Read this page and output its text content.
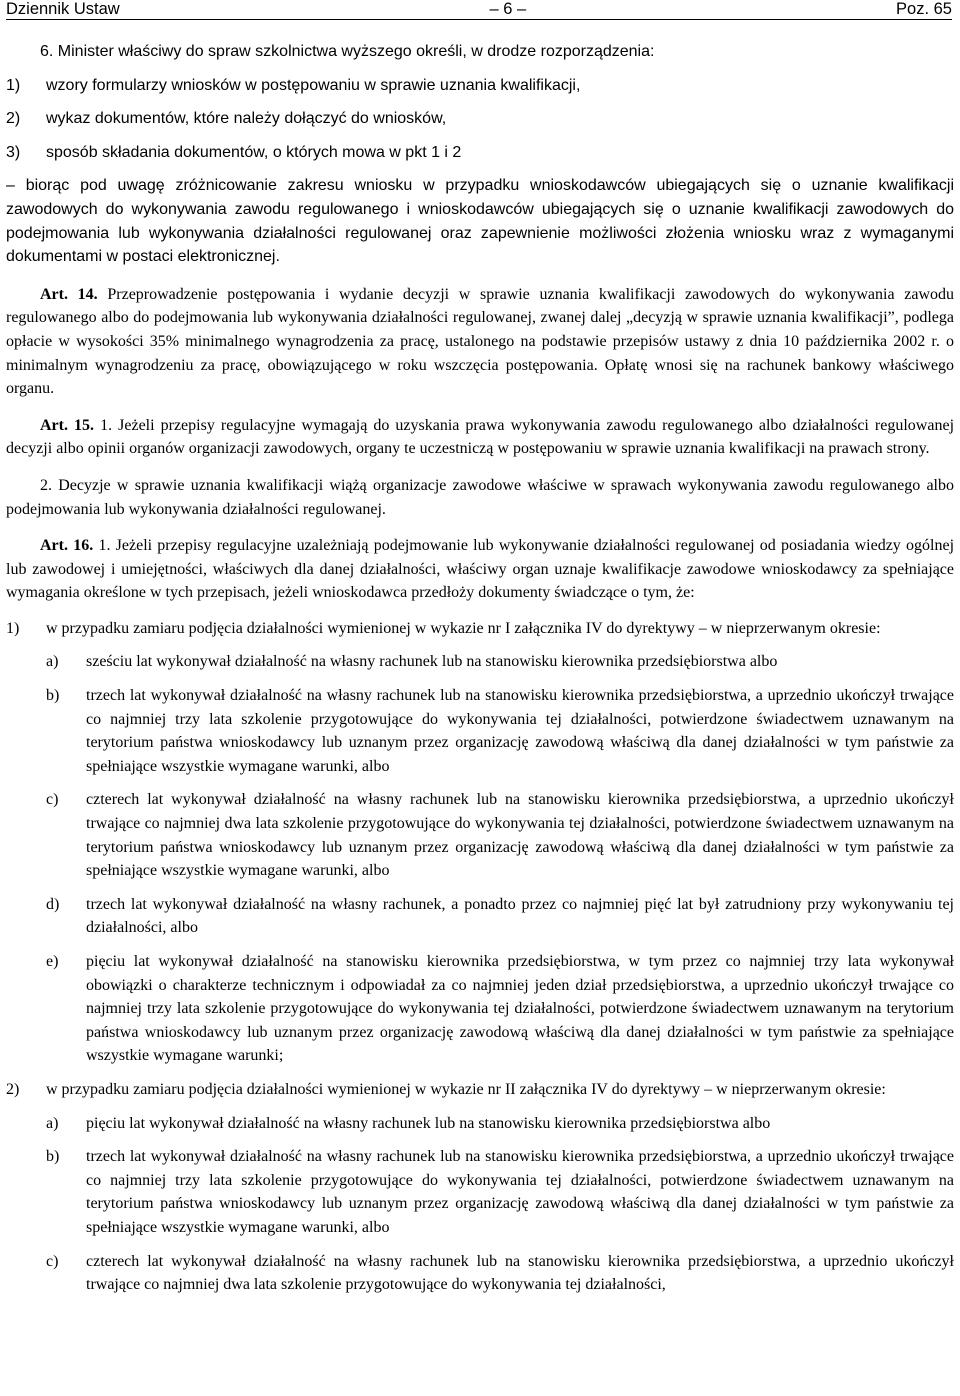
Dziennik Ustaw	– 6 –	Poz. 65

6. Minister właściwy do spraw szkolnictwa wyższego określi, w drodze rozporządzenia:

1)	wzory formularzy wniosków w postępowaniu w sprawie uznania kwalifikacji,
2)	wykaz dokumentów, które należy dołączyć do wniosków,
3)	sposób składania dokumentów, o których mowa w pkt 1 i 2

– biorąc pod uwagę zróżnicowanie zakresu wniosku w przypadku wnioskodawców ubiegających się o uznanie kwalifikacji zawodowych do wykonywania zawodu regulowanego i wnioskodawców ubiegających się o uznanie kwalifikacji zawodowych do podejmowania lub wykonywania działalności regulowanej oraz zapewnienie możliwości złożenia wniosku wraz z wymaganymi dokumentami w postaci elektronicznej.

Art. 14. Przeprowadzenie postępowania i wydanie decyzji w sprawie uznania kwalifikacji zawodowych do wykonywania zawodu regulowanego albo do podejmowania lub wykonywania działalności regulowanej, zwanej dalej „decyzją w sprawie uznania kwalifikacji”, podlega opłacie w wysokości 35% minimalnego wynagrodzenia za pracę, ustalonego na podstawie przepisów ustawy z dnia 10 października 2002 r. o minimalnym wynagrodzeniu za pracę, obowiązującego w roku wszczęcia postępowania. Opłatę wnosi się na rachunek bankowy właściwego organu.

Art. 15. 1. Jeżeli przepisy regulacyjne wymagają do uzyskania prawa wykonywania zawodu regulowanego albo działalności regulowanej decyzji albo opinii organów organizacji zawodowych, organy te uczestniczą w postępowaniu w sprawie uznania kwalifikacji na prawach strony.

2. Decyzje w sprawie uznania kwalifikacji wiążą organizacje zawodowe właściwe w sprawach wykonywania zawodu regulowanego albo podejmowania lub wykonywania działalności regulowanej.

Art. 16. 1. Jeżeli przepisy regulacyjne uzależniają podejmowanie lub wykonywanie działalności regulowanej od posiadania wiedzy ogólnej lub zawodowej i umiejętności, właściwych dla danej działalności, właściwy organ uznaje kwalifikacje zawodowe wnioskodawcy za spełniające wymagania określone w tych przepisach, jeżeli wnioskodawca przedłoży dokumenty świadczące o tym, że:

1)	w przypadku zamiaru podjęcia działalności wymienionej w wykazie nr I załącznika IV do dyrektywy – w nieprzerwanym okresie:
a)	sześciu lat wykonywał działalność na własny rachunek lub na stanowisku kierownika przedsiębiorstwa albo
b)	trzech lat wykonywał działalność na własny rachunek lub na stanowisku kierownika przedsiębiorstwa, a uprzednio ukończył trwające co najmniej trzy lata szkolenie przygotowujące do wykonywania tej działalności, potwierdzone świadectwem uznawanym na terytorium państwa wnioskodawcy lub uznanym przez organizację zawodową właściwą dla danej działalności w tym państwie za spełniające wszystkie wymagane warunki, albo
c)	czterech lat wykonywał działalność na własny rachunek lub na stanowisku kierownika przedsiębiorstwa, a uprzednio ukończył trwające co najmniej dwa lata szkolenie przygotowujące do wykonywania tej działalności, potwierdzone świadectwem uznawanym na terytorium państwa wnioskodawcy lub uznanym przez organizację zawodową właściwą dla danej działalności w tym państwie za spełniające wszystkie wymagane warunki, albo
d)	trzech lat wykonywał działalność na własny rachunek, a ponadto przez co najmniej pięć lat był zatrudniony przy wykonywaniu tej działalności, albo
e)	pięciu lat wykonywał działalność na stanowisku kierownika przedsiębiorstwa, w tym przez co najmniej trzy lata wykonywał obowiązki o charakterze technicznym i odpowiadał za co najmniej jeden dział przedsiębiorstwa, a uprzednio ukończył trwające co najmniej trzy lata szkolenie przygotowujące do wykonywania tej działalności, potwierdzone świadectwem uznawanym na terytorium państwa wnioskodawcy lub uznanym przez organizację zawodową właściwą dla danej działalności w tym państwie za spełniające wszystkie wymagane warunki;
2)	w przypadku zamiaru podjęcia działalności wymienionej w wykazie nr II załącznika IV do dyrektywy – w nieprzerwanym okresie:
a)	pięciu lat wykonywał działalność na własny rachunek lub na stanowisku kierownika przedsiębiorstwa albo
b)	trzech lat wykonywał działalność na własny rachunek lub na stanowisku kierownika przedsiębiorstwa, a uprzednio ukończył trwające co najmniej trzy lata szkolenie przygotowujące do wykonywania tej działalności, potwierdzone świadectwem uznawanym na terytorium państwa wnioskodawcy lub uznanym przez organizację zawodową właściwą dla danej działalności w tym państwie za spełniające wszystkie wymagane warunki, albo
c)	czterech lat wykonywał działalność na własny rachunek lub na stanowisku kierownika przedsiębiorstwa, a uprzednio ukończył trwające co najmniej dwa lata szkolenie przygotowujące do wykonywania tej działalności,
